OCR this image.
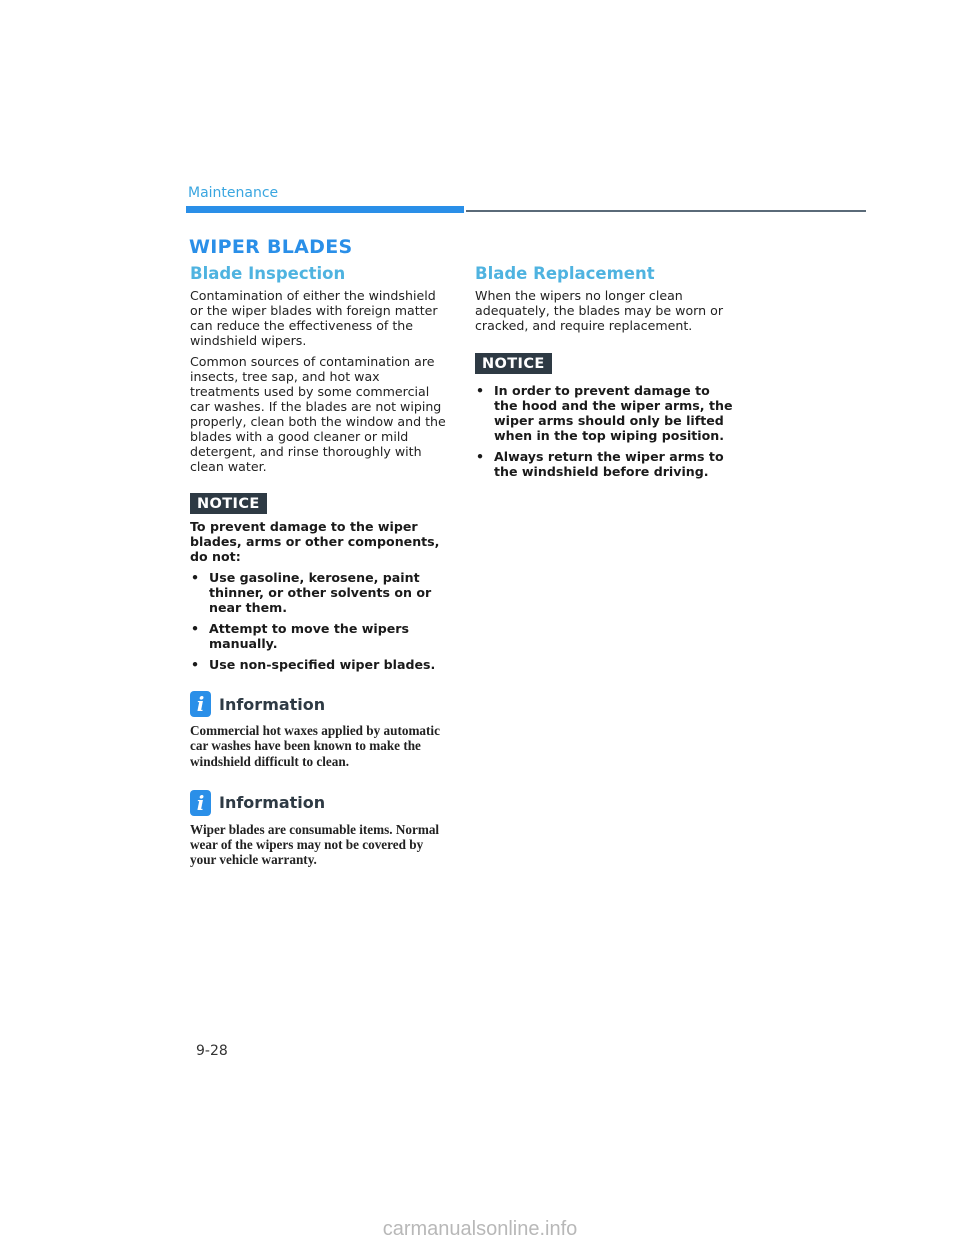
Maintenance
WIPER BLADES
Blade Inspection

Contamination of either the windshield or the wiper blades with foreign matter can reduce the effectiveness of the windshield wipers.

Common sources of contamination are insects, tree sap, and hot wax treatments used by some commercial car washes. If the blades are not wiping properly, clean both the window and the blades with a good cleaner or mild detergent, and rinse thoroughly with clean water.

NOTICE
To prevent damage to the wiper blades, arms or other components, do not:
• Use gasoline, kerosene, paint thinner, or other solvents on or near them.
• Attempt to move the wipers manually.
• Use non-specified wiper blades.
i Information
Commercial hot waxes applied by automatic car washes have been known to make the windshield difficult to clean.
i Information
Wiper blades are consumable items. Normal wear of the wipers may not be covered by your vehicle warranty.
Blade Replacement
When the wipers no longer clean adequately, the blades may be worn or cracked, and require replacement.
NOTICE
• In order to prevent damage to the hood and the wiper arms, the wiper arms should only be lifted when in the top wiping position.
• Always return the wiper arms to the windshield before driving.
9-28
carmanualsonline.info
